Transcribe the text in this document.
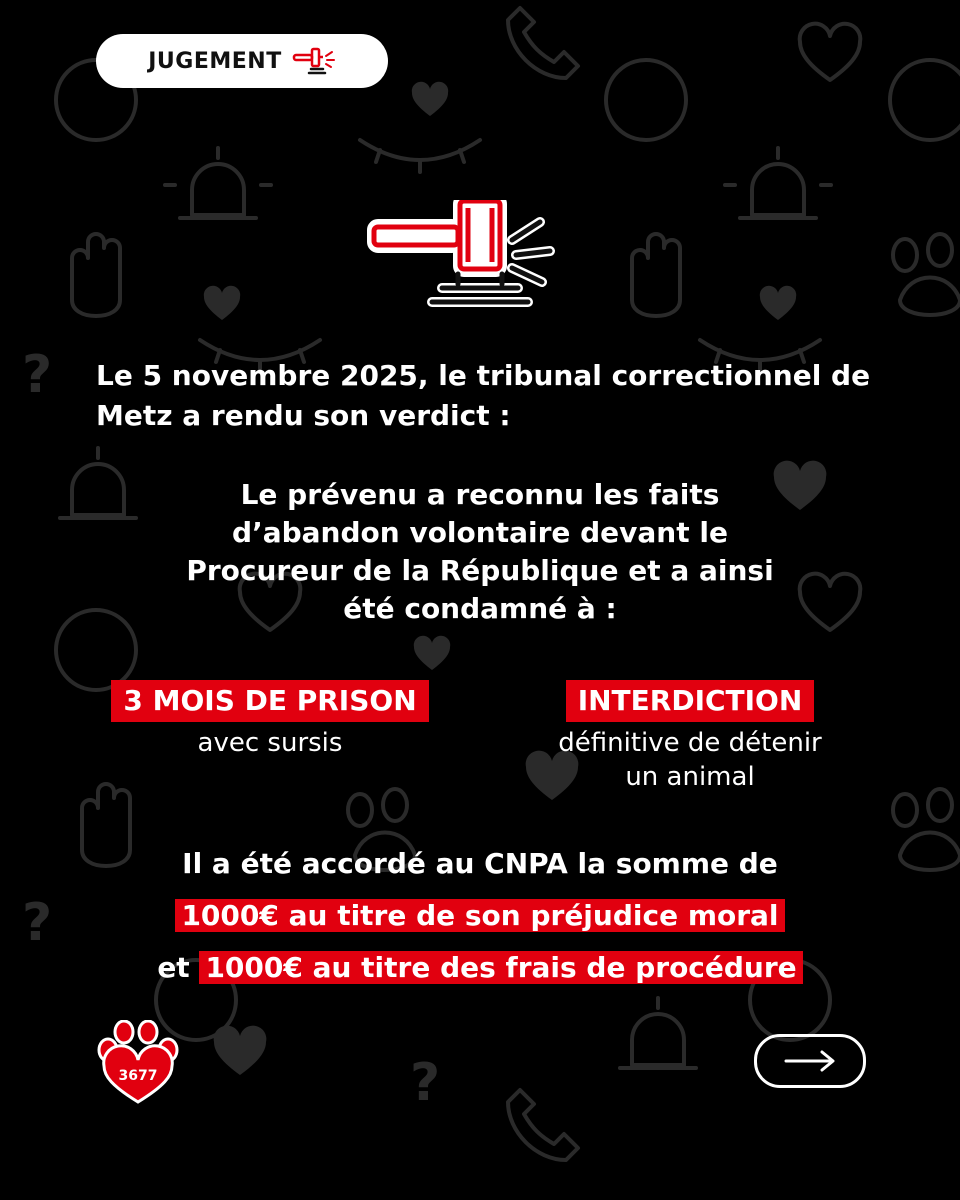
?
?
?
JUGEMENT
Le 5 novembre 2025, le tribunal correctionnel de Metz a rendu son verdict :
Le prévenu a reconnu les faits
d’abandon volontaire devant le
Procureur de la République et a ainsi
été condamné à :
3 MOIS DE PRISON
avec sursis
INTERDICTION
définitive de détenir
un animal
Il a été accordé au CNPA la somme de
1000€ au titre de son préjudice moral
et 1000€ au titre des frais de procédure
3677
